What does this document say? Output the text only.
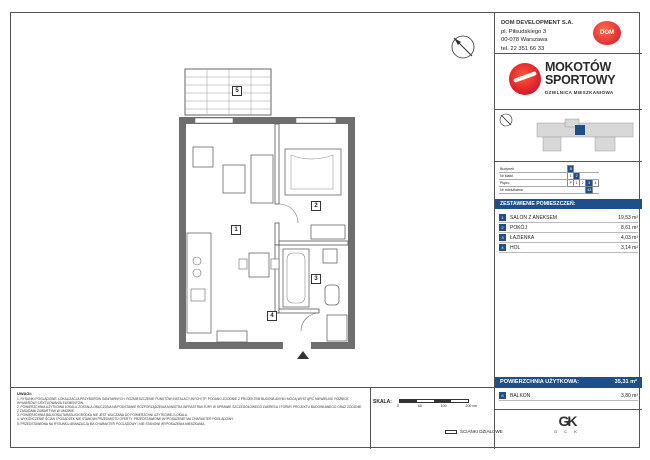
5
1
2
3
4
UWAGI:
1. RYSUNKI POGLĄDOWE. LOKALIZACJA PRZYBORÓW SANITARNYCH, ROZMIESZCZENIE PUNKTÓW INSTALACYJNYCH ITP. PODANO ZGODNIE Z PROJEKTEM BUDOWLANYM I MOGĄ WYSTĄPIĆ NIEWIELKIE RÓŻNICE WYMIARÓW I USYTUOWANIA ELEMENTÓW.
2. POWIERZCHNIA UŻYTKOWA LOKALU ZOSTAŁA OBLICZONA NA PODSTAWIE ROZPORZĄDZENIA MINISTRA INFRASTRUKTURY W SPRAWIE SZCZEGÓŁOWEGO ZAKRESU I FORMY PROJEKTU BUDOWLANEGO ORAZ ZGODNIE Z ZASADAMI ZAWARTYMI W UMOWIE.
3. POWIERZCHNIA BALKONU/TARASU/OGRÓDKA NIE JEST WLICZANA DO POWIERZCHNI UŻYTKOWEJ LOKALU.
4. WYKOŃCZENIE ŚCIAN I POSADZEK NIE STANOWI PRZEDMIOTU OFERTY. PRZEDSTAWIONE WYPOSAŻENIE MA CHARAKTER POGLĄDOWY.
5. PRZEDSTAWIONA NA RYSUNKU ARANŻACJA MA CHARAKTER POGLĄDOWY I NIE STANOWI WYPOSAŻENIA MIESZKANIA.
SKALA:
0	50	100	200 cm
ŚCIANKI DZIAŁOWE
DOM DEVELOPMENT S.A.
pl. Piłsudskiego 3
00-078 Warszawa
tel. 22 351 66 33
DOM
MOKOTÓW
SPORTOWY
DZIELNICA MIESZKANIOWA
Budynek	B				
Nr klatki	1	2			
Piętro	P	1	2	3	4
Nr mieszkania				43	
ZESTAWIENIE POMIESZCZEŃ:
1	SALON Z ANEKSEM	19,53 m²
2	POKÓJ	8,61 m²
3	ŁAZIENKA	4,03 m²
4	HOL	3,14 m²
POWIERZCHNIA UŻYTKOWA:	35,31 m²
5	BALKON	3,80 m²
GK
G C K
